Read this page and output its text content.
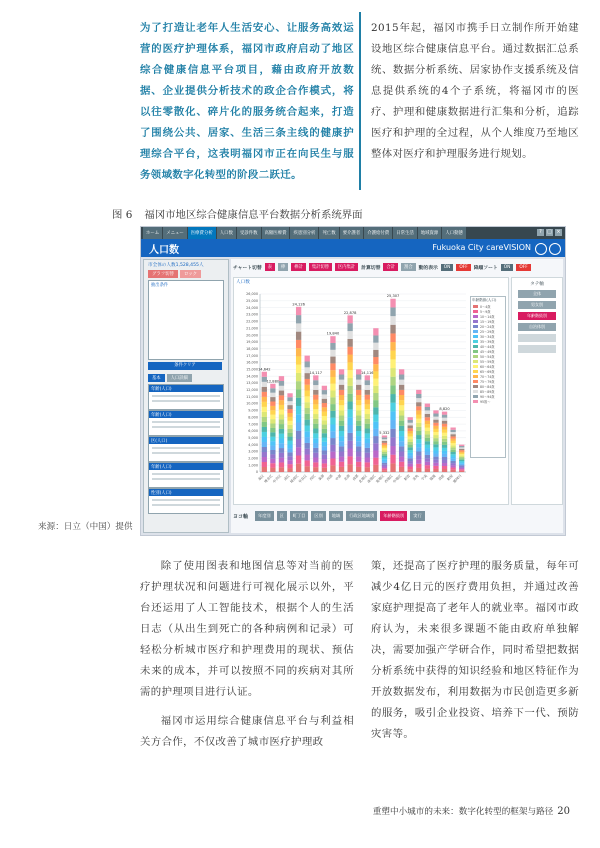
为了打造让老年人生活安心、让服务高效运营的医疗护理体系，福冈市政府启动了地区综合健康信息平台项目，藉由政府开放数据、企业提供分析技术的政企合作模式，将以往零散化、碎片化的服务统合起来，打造了围绕公共、居家、生活三条主线的健康护理综合平台，这表明福冈市正在向民生与服务领域数字化转型的阶段二跃迁。

2015年起，福冈市携手日立制作所开始建设地区综合健康信息平台。通过数据汇总系统、数据分析系统、居家协作支援系统及信息提供系统的4个子系统，将福冈市的医疗、护理和健康数据进行汇集和分析，追踪医疗和护理的全过程，从个人维度乃至地区整体对医疗和护理服务进行规划。

图 6 福冈市地区综合健康信息平台数据分析系统界面
ホーム	メニュー	医療費分析	人口数	受診件数	高額医療費	疾患別分析	死亡数	要介護者	介護給付費	日常生活	地域資源	人口動態	?	□ ×
人口数	Fukuoka City careVISION
市全体の人数1,528,455人
グラフ切替	ロック
抽出条件
条件クリア
基本	人口詳細
年齢(人口)
年齢(人口)
区(人口)
年齢(人口)
性別(人口)
チャート切替	表	棒	棒計	集計切替	区内集計	計算切替	合計	割合	動的表示	ON	OFF	降順ソート	ON	OFF
人口数
0
1,000
2,000
3,000
4,000
5,000
6,000
7,000
8,000
9,000
10,000
11,000
12,000
13,000
14,000
15,000
16,000
17,000
18,000
19,000
20,000
21,000
22,000
23,000
24,000
25,000
26,000
14,642
東区
12,880
博多区
中央区 南区
24,126
城南区
早良区
14,117
西区 東部
19,840
西部 中部
22,878
北部 南部
14,116
北地区
南地区
5,332
東地区
25,307
西地区
中地区 新宮 志免 宇美 篠栗
8,820
須恵 粕屋
那珂川
年齢階級(人口)
0〜4歳
5〜9歳
10〜14歳
15〜19歳
20〜24歳
25〜29歳
30〜34歳
35〜39歳
40〜44歳
45〜49歳
50〜54歳
55〜59歳
60〜64歳
65〜69歳
70〜74歳
75〜79歳
80〜84歳
85〜89歳
90〜94歳
95歳〜
タテ軸
全体
男女別
年齢階級別
自治体別
ヨコ軸	年度別	区	町丁目	区別	地域	行政区地域別	年齢階級別	実行
来源：日立（中国）提供

除了使用图表和地图信息等对当前的医疗护理状况和问题进行可视化展示以外，平台还运用了人工智能技术，根据个人的生活日志（从出生到死亡的各种病例和记录）可轻松分析城市医疗和护理费用的现状、预估未来的成本，并可以按照不同的疾病对其所需的护理项目进行认证。

福冈市运用综合健康信息平台与利益相关方合作，不仅改善了城市医疗护理政

策，还提高了医疗护理的服务质量，每年可减少4亿日元的医疗费用负担，并通过改善家庭护理提高了老年人的就业率。福冈市政府认为，未来很多课题不能由政府单独解决，需要加强产学研合作，同时希望把数据分析系统中获得的知识经验和地区特征作为开放数据发布，利用数据为市民创造更多新的服务，吸引企业投资、培养下一代、预防灾害等。

重塑中小城市的未来：数字化转型的框架与路径 20
